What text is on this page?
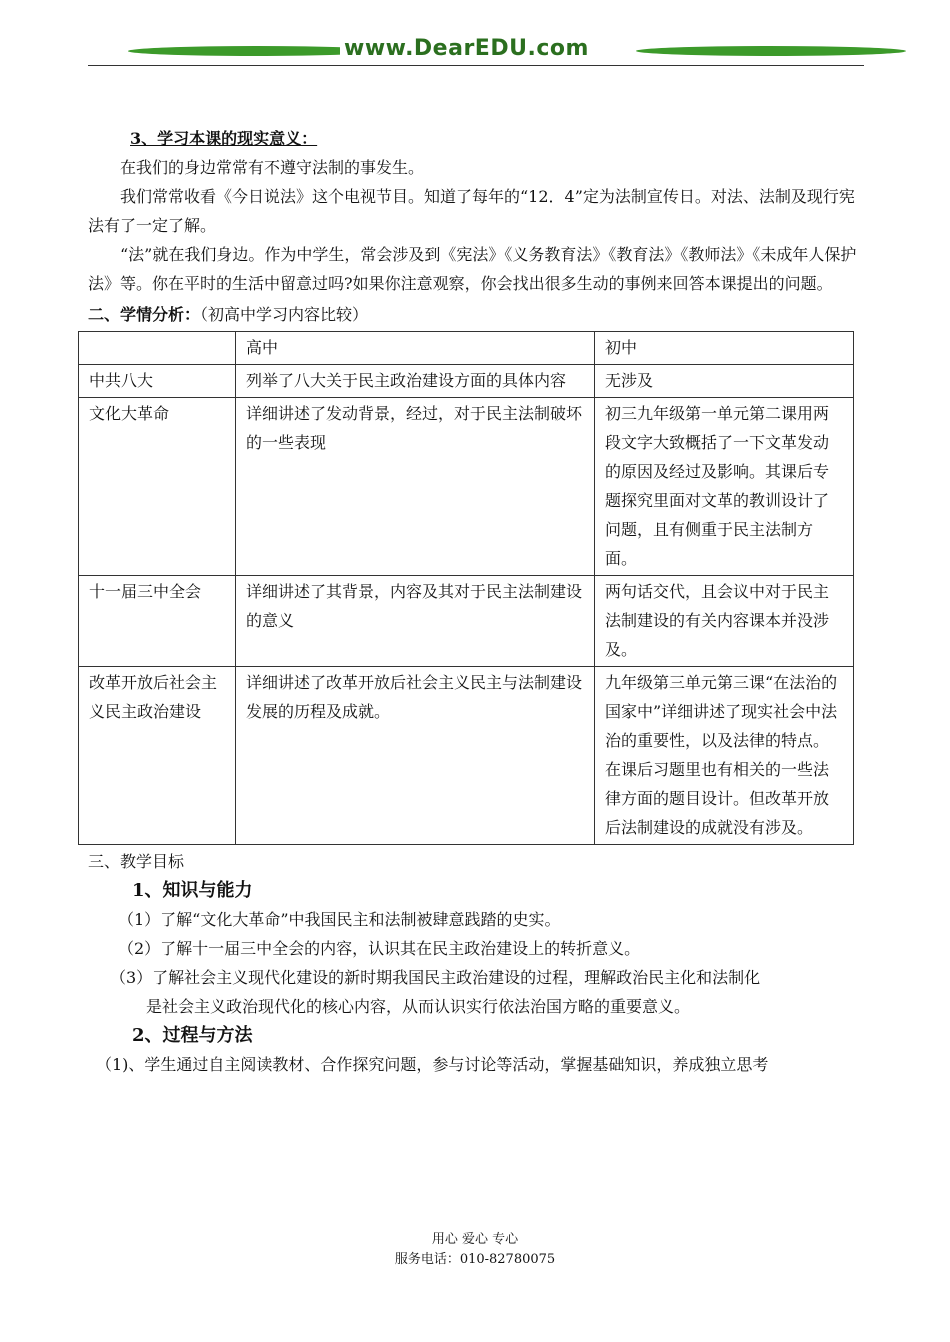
www.DearEDU.com

3、学习本课的现实意义：

在我们的身边常常有不遵守法制的事发生。

我们常常收看《今日说法》这个电视节目。知道了每年的“12．4”定为法制宣传日。对法、法制及现行宪法有了一定了解。

“法”就在我们身边。作为中学生，常会涉及到《宪法》《义务教育法》《教育法》《教师法》《未成年人保护法》等。你在平时的生活中留意过吗?如果你注意观察，你会找出很多生动的事例来回答本课提出的问题。

二、学情分析：（初高中学习内容比较）

	高中	初中
中共八大	列举了八大关于民主政治建设方面的具体内容	无涉及
文化大革命	详细讲述了发动背景，经过，对于民主法制破坏的一些表现	初三九年级第一单元第二课用两段文字大致概括了一下文革发动的原因及经过及影响。其课后专题探究里面对文革的教训设计了问题，且有侧重于民主法制方面。
十一届三中全会	详细讲述了其背景，内容及其对于民主法制建设的意义	两句话交代，且会议中对于民主法制建设的有关内容课本并没涉及。
改革开放后社会主义民主政治建设	详细讲述了改革开放后社会主义民主与法制建设发展的历程及成就。	九年级第三单元第三课“在法治的国家中”详细讲述了现实社会中法治的重要性，以及法律的特点。在课后习题里也有相关的一些法律方面的题目设计。但改革开放后法制建设的成就没有涉及。

三、教学目标

1、知识与能力

（1）了解“文化大革命”中我国民主和法制被肆意践踏的史实。

（2）了解十一届三中全会的内容，认识其在民主政治建设上的转折意义。

（3）了解社会主义现代化建设的新时期我国民主政治建设的过程，理解政治民主化和法制化

是社会主义政治现代化的核心内容，从而认识实行依法治国方略的重要意义。

2、过程与方法

（1)、学生通过自主阅读教材、合作探究问题，参与讨论等活动，掌握基础知识，养成独立思考

用心 爱心 专心
服务电话：010-82780075
